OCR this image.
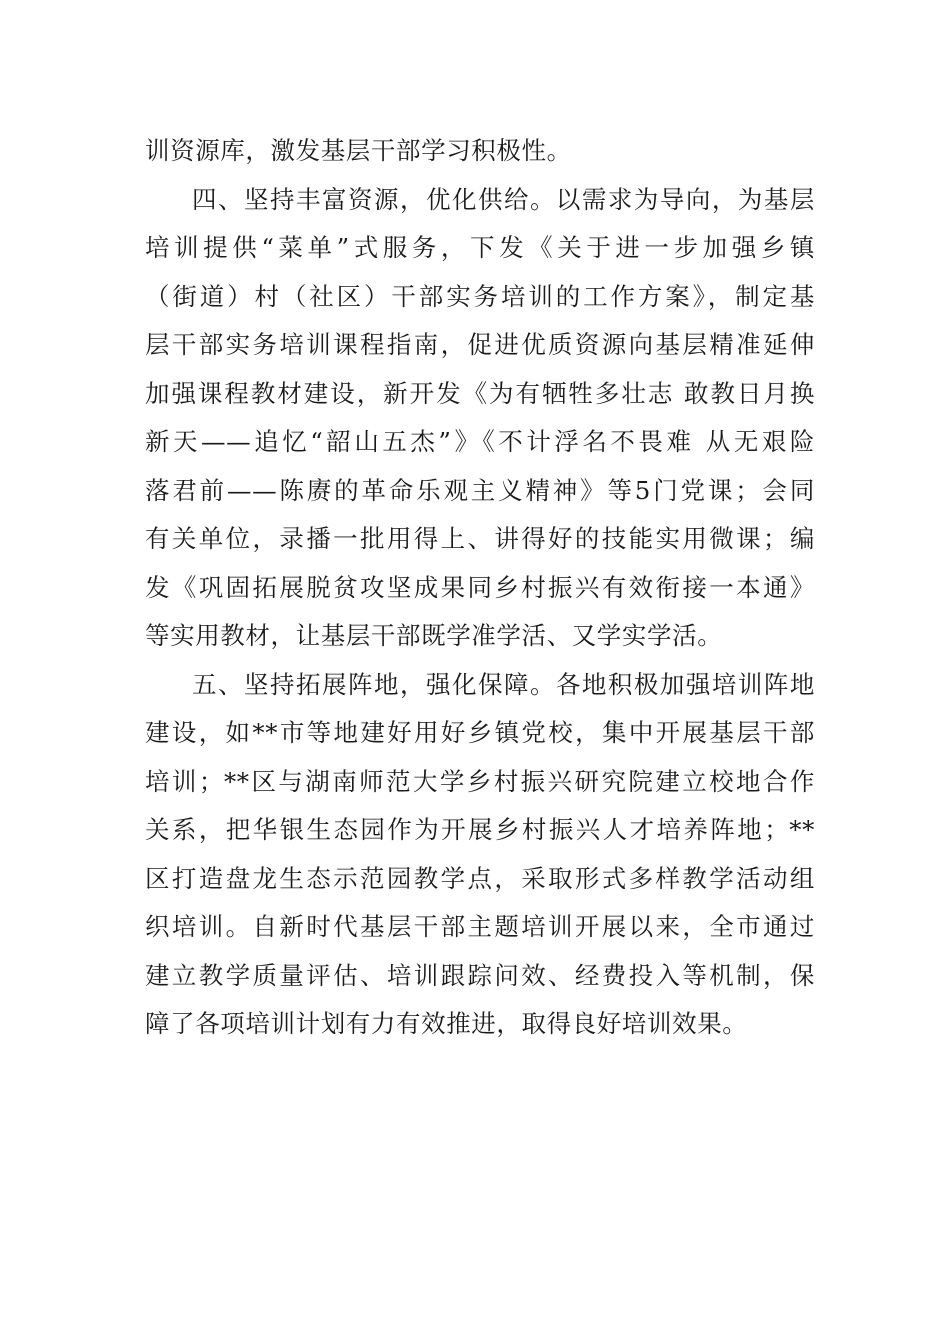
训资源库，激发基层干部学习积极性。
四、坚持丰富资源，优化供给。以需求为导向，为基层
培训提供“菜单”式服务，下发《关于进一步加强乡镇
（街道）村（社区）干部实务培训的工作方案》，制定基
层干部实务培训课程指南，促进优质资源向基层精准延伸
加强课程教材建设，新开发《为有牺牲多壮志 敢教日月换
新天——追忆“韶山五杰”》《不计浮名不畏难 从无艰险
落君前——陈赓的革命乐观主义精神》等5门党课；会同
有关单位，录播一批用得上、讲得好的技能实用微课；编
发《巩固拓展脱贫攻坚成果同乡村振兴有效衔接一本通》
等实用教材，让基层干部既学准学活、又学实学活。
五、坚持拓展阵地，强化保障。各地积极加强培训阵地
建设，如**市等地建好用好乡镇党校，集中开展基层干部
培训；**区与湖南师范大学乡村振兴研究院建立校地合作
关系，把华银生态园作为开展乡村振兴人才培养阵地；**
区打造盘龙生态示范园教学点，采取形式多样教学活动组
织培训。自新时代基层干部主题培训开展以来，全市通过
建立教学质量评估、培训跟踪问效、经费投入等机制，保
障了各项培训计划有力有效推进，取得良好培训效果。
